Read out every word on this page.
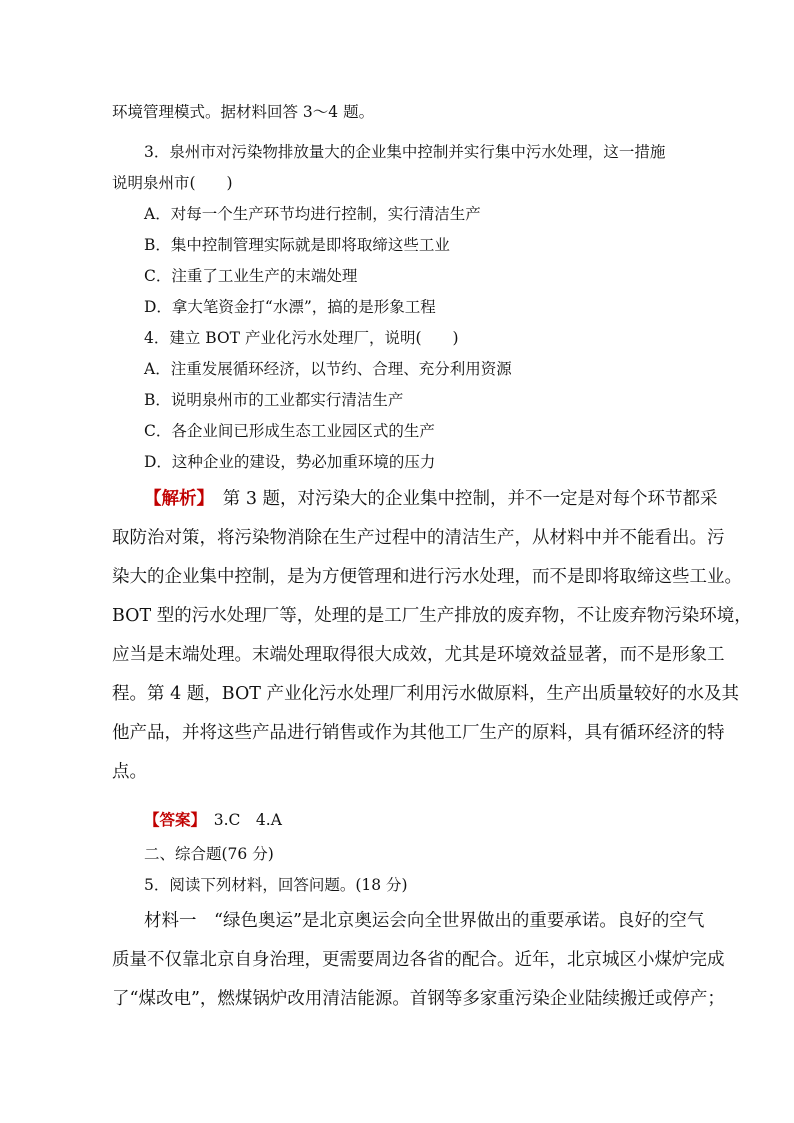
环境管理模式。据材料回答 3～4 题。
3．泉州市对污染物排放量大的企业集中控制并实行集中污水处理，这一措施
说明泉州市(　　)
A．对每一个生产环节均进行控制，实行清洁生产
B．集中控制管理实际就是即将取缔这些工业
C．注重了工业生产的末端处理
D．拿大笔资金打“水漂”，搞的是形象工程
4．建立 BOT 产业化污水处理厂，说明(　　)
A．注重发展循环经济，以节约、合理、充分利用资源
B．说明泉州市的工业都实行清洁生产
C．各企业间已形成生态工业园区式的生产
D．这种企业的建设，势必加重环境的压力
【解析】　第 3 题，对污染大的企业集中控制，并不一定是对每个环节都采
取防治对策，将污染物消除在生产过程中的清洁生产，从材料中并不能看出。污
染大的企业集中控制，是为方便管理和进行污水处理，而不是即将取缔这些工业。
BOT 型的污水处理厂等，处理的是工厂生产排放的废弃物，不让废弃物污染环境，
应当是末端处理。末端处理取得很大成效，尤其是环境效益显著，而不是形象工
程。第 4 题，BOT 产业化污水处理厂利用污水做原料，生产出质量较好的水及其
他产品，并将这些产品进行销售或作为其他工厂生产的原料，具有循环经济的特
点。
【答案】　3.C　4.A
二、综合题(76 分)
5．阅读下列材料，回答问题。(18 分)
材料一　“绿色奥运”是北京奥运会向全世界做出的重要承诺。良好的空气
质量不仅靠北京自身治理，更需要周边各省的配合。近年，北京城区小煤炉完成
了“煤改电”，燃煤锅炉改用清洁能源。首钢等多家重污染企业陆续搬迁或停产；
